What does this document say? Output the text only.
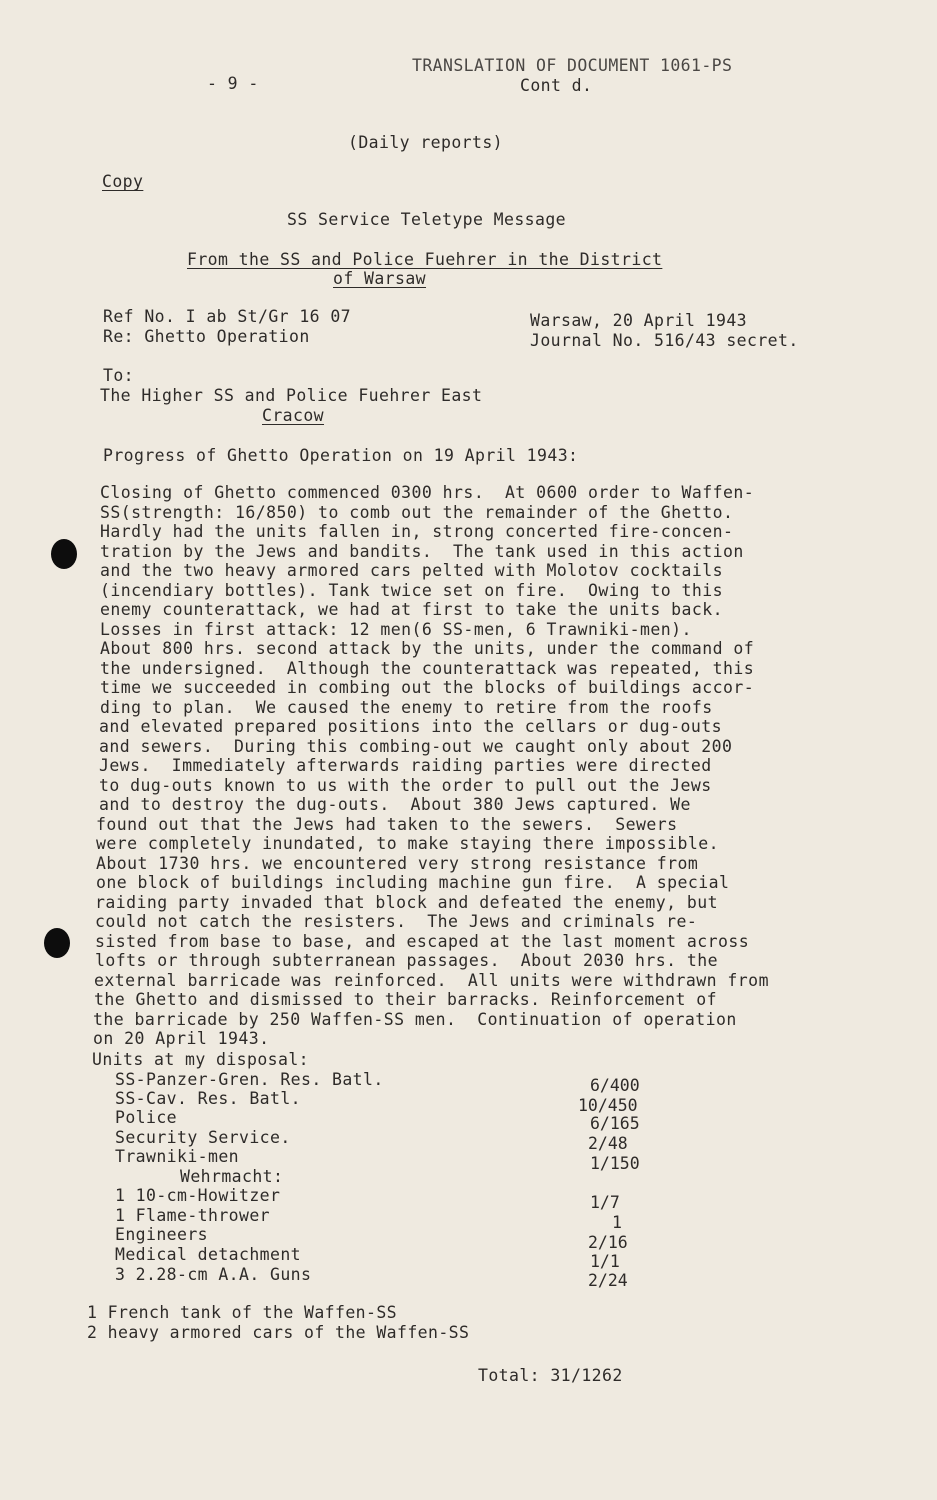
- 9 -
TRANSLATION OF DOCUMENT 1061-PS
Cont d.
(Daily reports)
Copy
SS Service Teletype Message
From the SS and Police Fuehrer in the District
of Warsaw
Ref No. I ab St/Gr 16 07
Re: Ghetto Operation
Warsaw, 20 April 1943
Journal No. 516/43 secret.
To:
The Higher SS and Police Fuehrer East
Cracow
Progress of Ghetto Operation on 19 April 1943:
Closing of Ghetto commenced 0300 hrs.  At 0600 order to Waffen-
SS(strength: 16/850) to comb out the remainder of the Ghetto.
Hardly had the units fallen in, strong concerted fire-concen-
tration by the Jews and bandits.  The tank used in this action
and the two heavy armored cars pelted with Molotov cocktails
(incendiary bottles). Tank twice set on fire.  Owing to this
enemy counterattack, we had at first to take the units back.
Losses in first attack: 12 men(6 SS-men, 6 Trawniki-men).
About 800 hrs. second attack by the units, under the command of
the undersigned.  Although the counterattack was repeated, this
time we succeeded in combing out the blocks of buildings accor-
ding to plan.  We caused the enemy to retire from the roofs
and elevated prepared positions into the cellars or dug-outs
and sewers.  During this combing-out we caught only about 200
Jews.  Immediately afterwards raiding parties were directed
to dug-outs known to us with the order to pull out the Jews
and to destroy the dug-outs.  About 380 Jews captured. We
found out that the Jews had taken to the sewers.  Sewers
were completely inundated, to make staying there impossible.
About 1730 hrs. we encountered very strong resistance from
one block of buildings including machine gun fire.  A special
raiding party invaded that block and defeated the enemy, but
could not catch the resisters.  The Jews and criminals re-
sisted from base to base, and escaped at the last moment across
lofts or through subterranean passages.  About 2030 hrs. the
external barricade was reinforced.  All units were withdrawn from
the Ghetto and dismissed to their barracks. Reinforcement of
the barricade by 250 Waffen-SS men.  Continuation of operation
on 20 April 1943.
Units at my disposal:
SS-Panzer-Gren. Res. Batl.	6/400
SS-Cav. Res. Batl.	10/450
Police	6/165
Security Service.	2/48
Trawniki-men	1/150
Wehrmacht:
1 10-cm-Howitzer	1/7
1 Flame-thrower	1
Engineers	2/16
Medical detachment	1/1
3 2.28-cm A.A. Guns	2/24
1 French tank of the Waffen-SS
2 heavy armored cars of the Waffen-SS
Total: 31/1262
